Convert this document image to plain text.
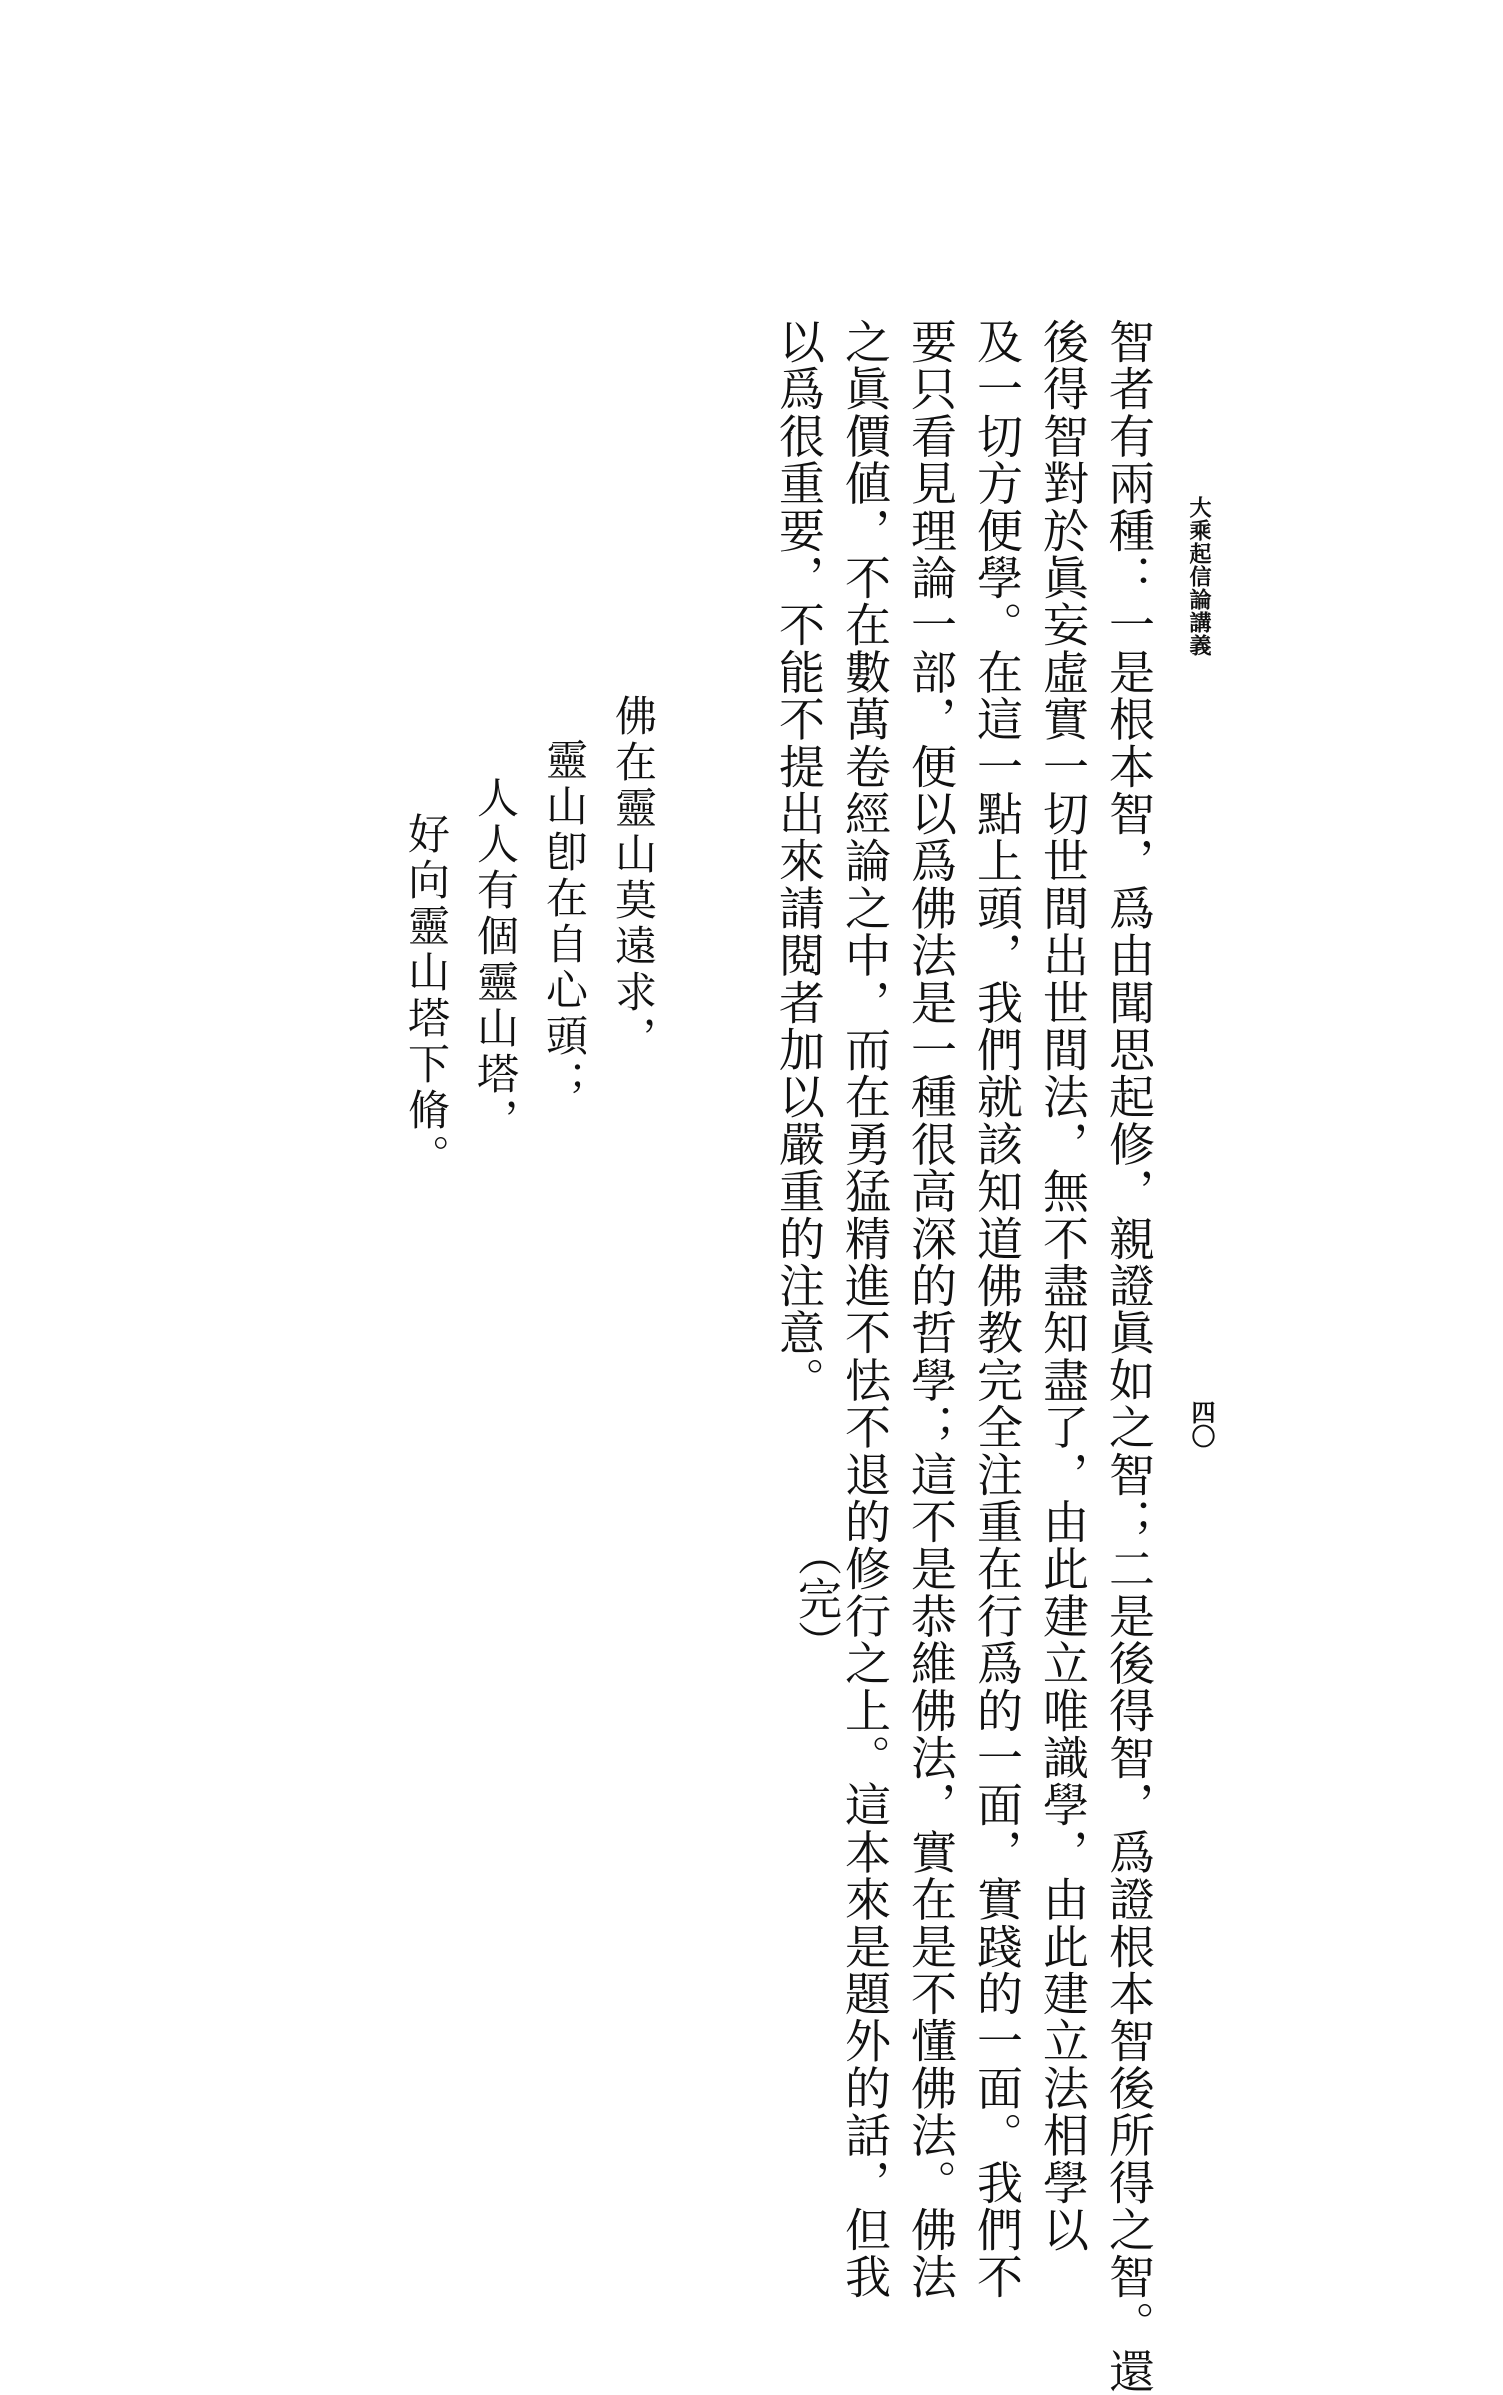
大乘起信論講義
四〇
智者有兩種：一是根本智，爲由聞思起修，親證眞如之智；二是後得智，爲證根本智後所得之智。還
後得智對於眞妄虛實一切世間出世間法，無不盡知盡了，由此建立唯識學，由此建立法相學以
及一切方便學。在這一點上頭，我們就該知道佛教完全注重在行爲的一面，實踐的一面。我們不
要只看見理論一部，便以爲佛法是一種很高深的哲學；這不是恭維佛法，實在是不懂佛法。佛法
之眞價値，不在數萬卷經論之中，而在勇猛精進不怯不退的修行之上。這本來是題外的話，但我
以爲很重要，不能不提出來請閱者加以嚴重的注意。
（完）
佛在靈山莫遠求，
靈山卽在自心頭；
人人有個靈山塔，
好向靈山塔下脩。
